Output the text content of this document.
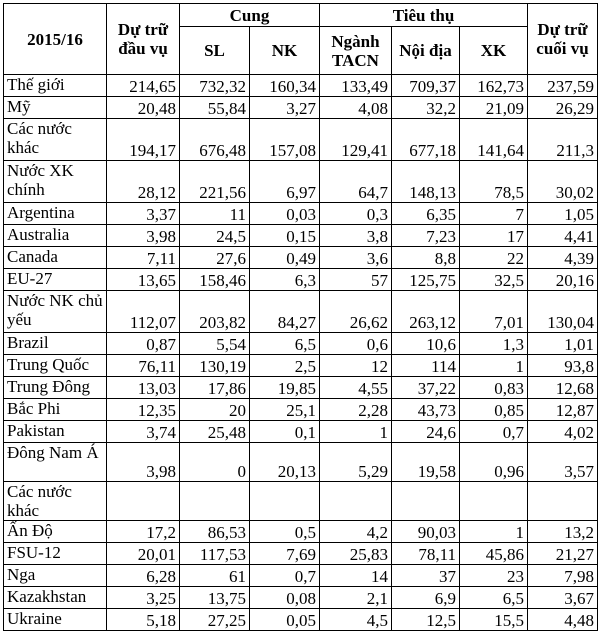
2015/16	Dự trữ đầu vụ	Cung		Tiêu thụ			Dự trữ cuối vụ
		SL	NK	Ngành TACN	Nội địa	XK	
Thế giới	214,65	732,32	160,34	133,49	709,37	162,73	237,59
Mỹ	20,48	55,84	3,27	4,08	32,2	21,09	26,29
Các nước khác	194,17	676,48	157,08	129,41	677,18	141,64	211,3
Nước XK chính	28,12	221,56	6,97	64,7	148,13	78,5	30,02
Argentina	3,37	11	0,03	0,3	6,35	7	1,05
Australia	3,98	24,5	0,15	3,8	7,23	17	4,41
Canada	7,11	27,6	0,49	3,6	8,8	22	4,39
EU-27	13,65	158,46	6,3	57	125,75	32,5	20,16
Nước NK chủ yếu	112,07	203,82	84,27	26,62	263,12	7,01	130,04
Brazil	0,87	5,54	6,5	0,6	10,6	1,3	1,01
Trung Quốc	76,11	130,19	2,5	12	114	1	93,8
Trung Đông	13,03	17,86	19,85	4,55	37,22	0,83	12,68
Bắc Phi	12,35	20	25,1	2,28	43,73	0,85	12,87
Pakistan	3,74	25,48	0,1	1	24,6	0,7	4,02
Đông Nam Á	3,98	0	20,13	5,29	19,58	0,96	3,57
Các nước khác							
Ấn Độ	17,2	86,53	0,5	4,2	90,03	1	13,2
FSU-12	20,01	117,53	7,69	25,83	78,11	45,86	21,27
Nga	6,28	61	0,7	14	37	23	7,98
Kazakhstan	3,25	13,75	0,08	2,1	6,9	6,5	3,67
Ukraine	5,18	27,25	0,05	4,5	12,5	15,5	4,48
